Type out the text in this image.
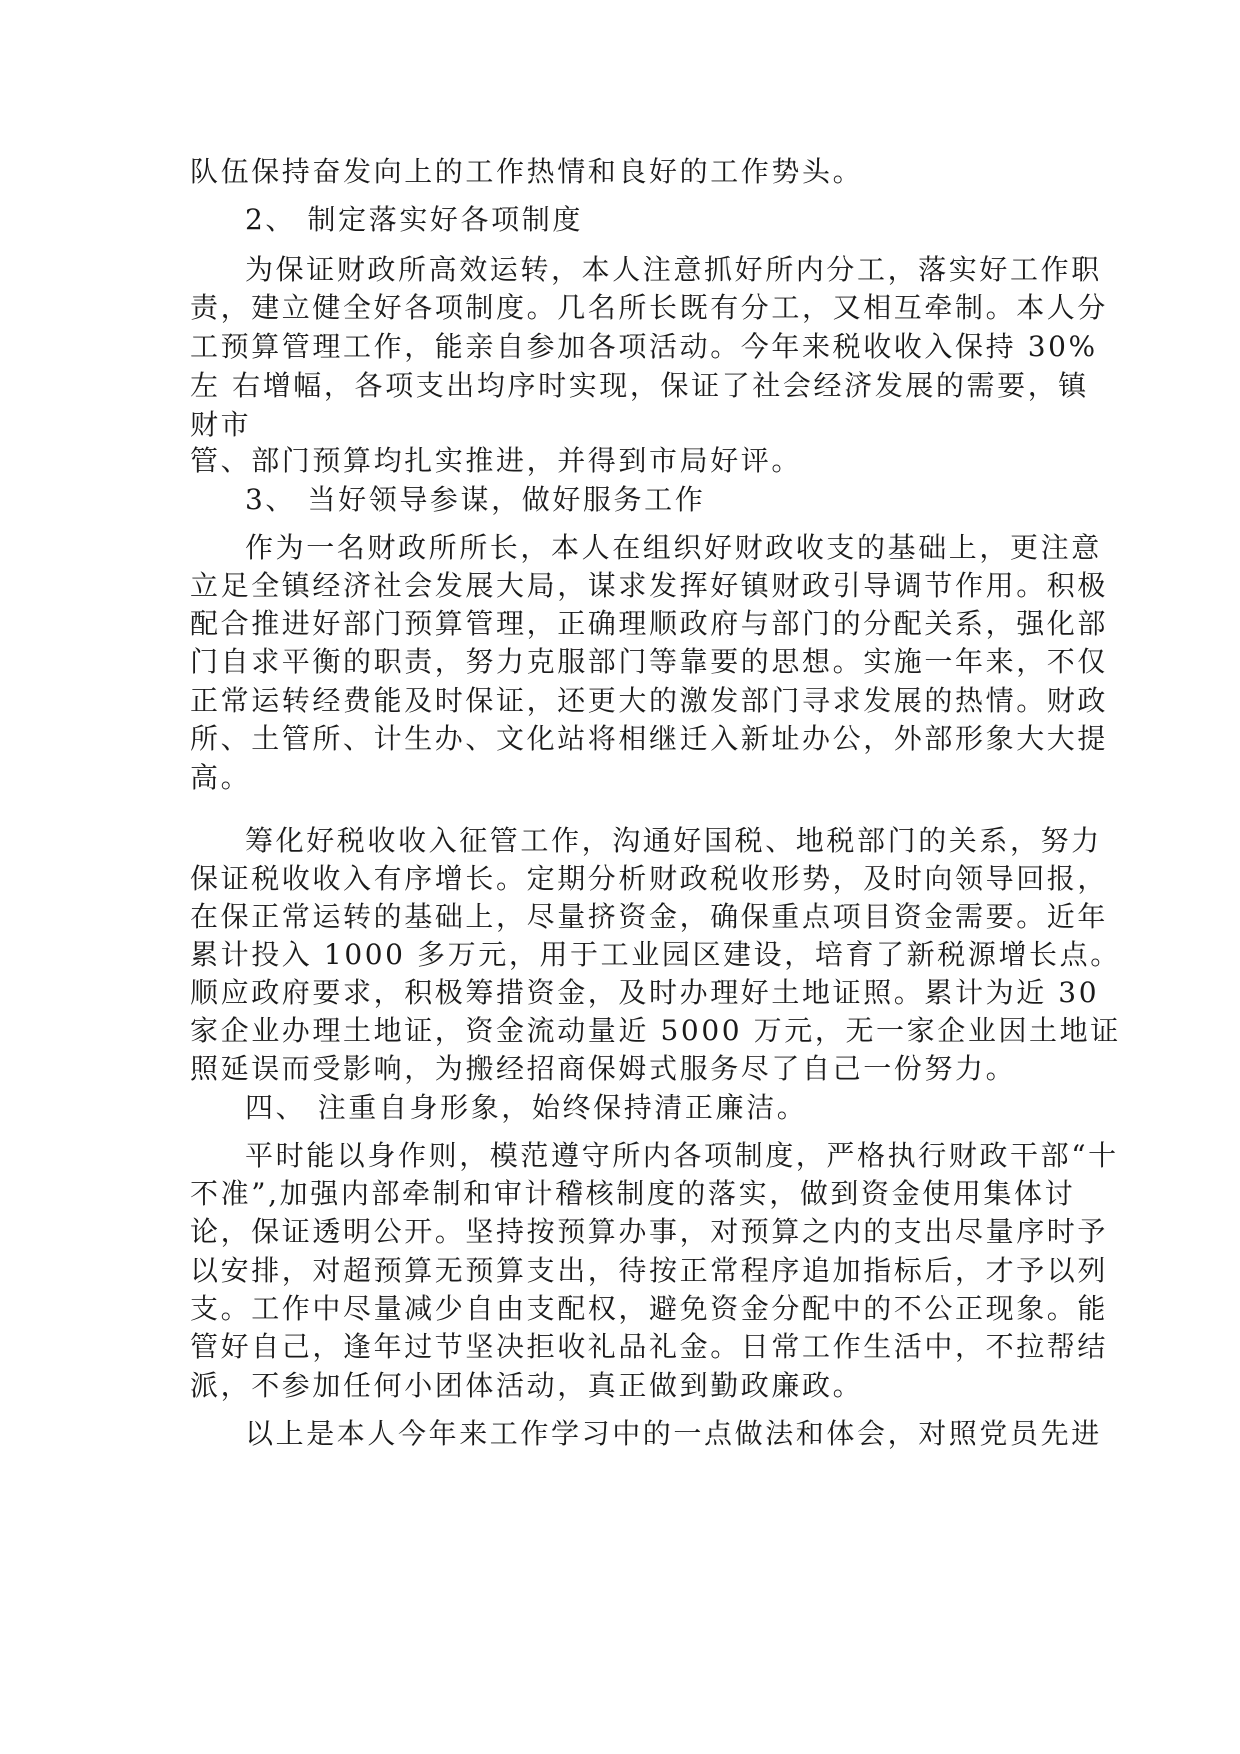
队伍保持奋发向上的工作热情和良好的工作势头。
2、 制定落实好各项制度
为保证财政所高效运转，本人注意抓好所内分工，落实好工作职
责，建立健全好各项制度。几名所长既有分工，又相互牵制。本人分
工预算管理工作，能亲自参加各项活动。今年来税收收入保持 30%
左 右增幅，各项支出均序时实现，保证了社会经济发展的需要，镇
财市
管、部门预算均扎实推进，并得到市局好评。
3、 当好领导参谋，做好服务工作
作为一名财政所所长，本人在组织好财政收支的基础上，更注意
立足全镇经济社会发展大局，谋求发挥好镇财政引导调节作用。积极
配合推进好部门预算管理，正确理顺政府与部门的分配关系，强化部
门自求平衡的职责，努力克服部门等靠要的思想。实施一年来，不仅
正常运转经费能及时保证，还更大的激发部门寻求发展的热情。财政
所、土管所、计生办、文化站将相继迁入新址办公，外部形象大大提
高。
筹化好税收收入征管工作，沟通好国税、地税部门的关系，努力
保证税收收入有序增长。定期分析财政税收形势，及时向领导回报，
在保正常运转的基础上，尽量挤资金，确保重点项目资金需要。近年
累计投入 1000 多万元，用于工业园区建设，培育了新税源增长点。
顺应政府要求，积极筹措资金，及时办理好土地证照。累计为近 30
家企业办理土地证，资金流动量近 5000 万元，无一家企业因土地证
照延误而受影响，为搬经招商保姆式服务尽了自己一份努力。
四、 注重自身形象，始终保持清正廉洁。
平时能以身作则，模范遵守所内各项制度，严格执行财政干部“十
不准”,加强内部牵制和审计稽核制度的落实，做到资金使用集体讨
论，保证透明公开。坚持按预算办事，对预算之内的支出尽量序时予
以安排，对超预算无预算支出，待按正常程序追加指标后，才予以列
支。工作中尽量减少自由支配权，避免资金分配中的不公正现象。能
管好自己，逢年过节坚决拒收礼品礼金。日常工作生活中，不拉帮结
派，不参加任何小团体活动，真正做到勤政廉政。
以上是本人今年来工作学习中的一点做法和体会，对照党员先进
